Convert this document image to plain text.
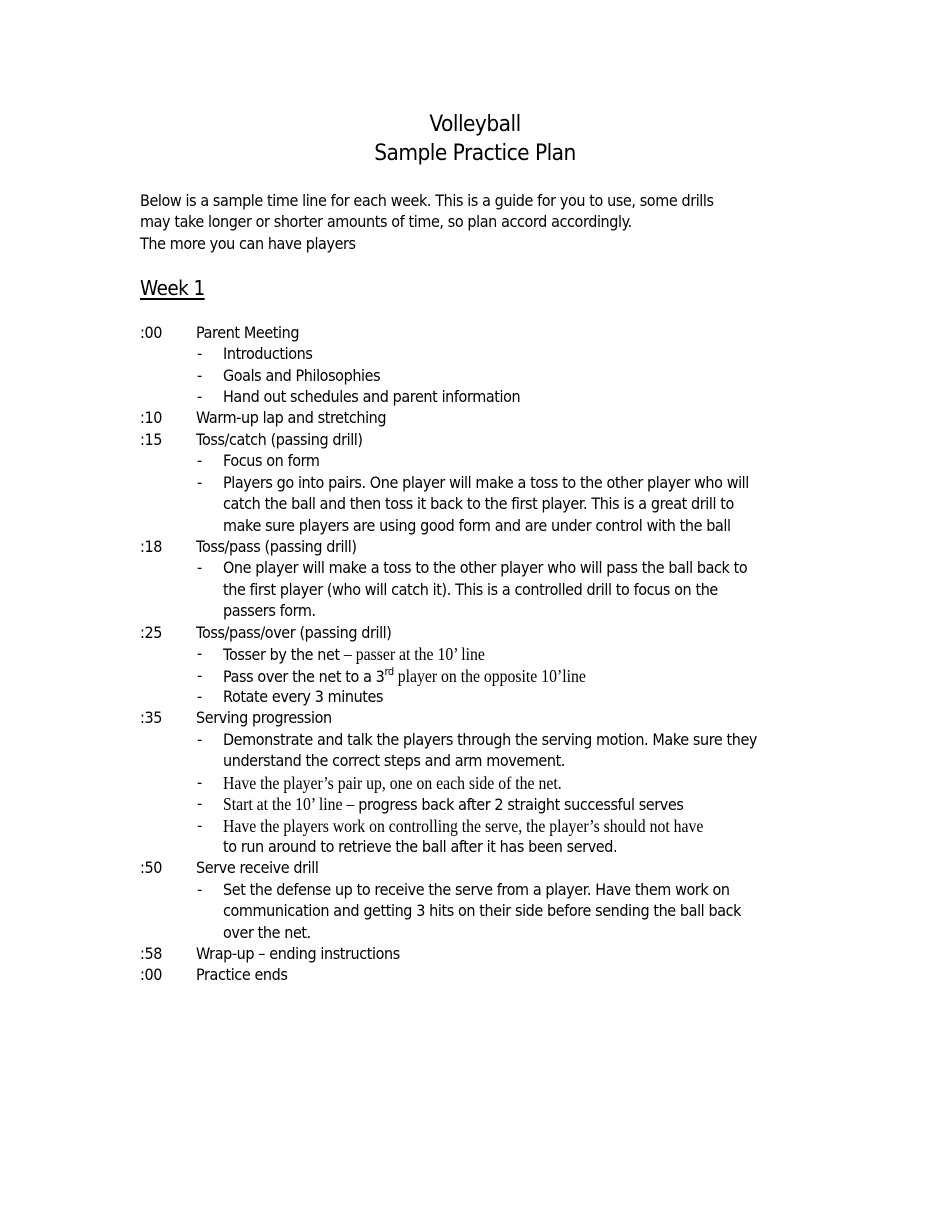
Volleyball
Sample Practice Plan
Below is a sample time line for each week. This is a guide for you to use, some drills
may take longer or shorter amounts of time, so plan accord accordingly.
The more you can have players
Week 1
:00 Parent Meeting
- Introductions
- Goals and Philosophies
- Hand out schedules and parent information
:10 Warm-up lap and stretching
:15 Toss/catch (passing drill)
- Focus on form
- Players go into pairs. One player will make a toss to the other player who will
catch the ball and then toss it back to the first player. This is a great drill to
make sure players are using good form and are under control with the ball
:18 Toss/pass (passing drill)
- One player will make a toss to the other player who will pass the ball back to
the first player (who will catch it). This is a controlled drill to focus on the
passers form.
:25 Toss/pass/over (passing drill)
- Tosser by the net – passer at the 10’ line
- Pass over the net to a 3rd player on the opposite 10’line
- Rotate every 3 minutes
:35 Serving progression
- Demonstrate and talk the players through the serving motion. Make sure they
understand the correct steps and arm movement.
- Have the player’s pair up, one on each side of the net.
- Start at the 10’ line – progress back after 2 straight successful serves
- Have the players work on controlling the serve, the player’s should not have
to run around to retrieve the ball after it has been served.
:50 Serve receive drill
- Set the defense up to receive the serve from a player. Have them work on
communication and getting 3 hits on their side before sending the ball back
over the net.
:58 Wrap-up – ending instructions
:00 Practice ends
